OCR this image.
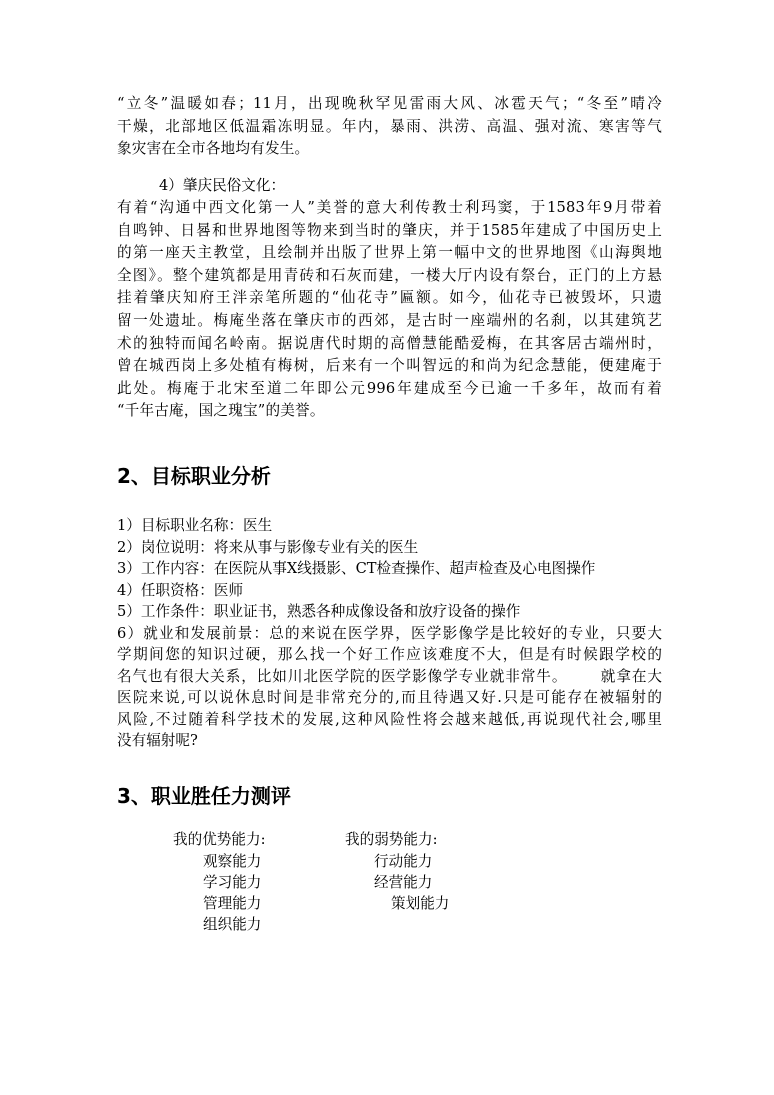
“立冬”温暖如春；11月，出现晚秋罕见雷雨大风、冰雹天气；“冬至”晴冷
干燥，北部地区低温霜冻明显。年内，暴雨、洪涝、高温、强对流、寒害等气
象灾害在全市各地均有发生。
4）肇庆民俗文化：
有着“沟通中西文化第一人”美誉的意大利传教士利玛窦，于1583年9月带着
自鸣钟、日晷和世界地图等物来到当时的肇庆，并于1585年建成了中国历史上
的第一座天主教堂，且绘制并出版了世界上第一幅中文的世界地图《山海舆地
全图》。整个建筑都是用青砖和石灰而建，一楼大厅内设有祭台，正门的上方悬
挂着肇庆知府王泮亲笔所题的“仙花寺”匾额。如今，仙花寺已被毁坏，只遗
留一处遗址。梅庵坐落在肇庆市的西郊，是古时一座端州的名刹，以其建筑艺
术的独特而闻名岭南。据说唐代时期的高僧慧能酷爱梅，在其客居古端州时，
曾在城西岗上多处植有梅树，后来有一个叫智远的和尚为纪念慧能，便建庵于
此处。梅庵于北宋至道二年即公元996年建成至今已逾一千多年，故而有着
“千年古庵，国之瑰宝”的美誉。
2、目标职业分析
1）目标职业名称：医生
2）岗位说明：将来从事与影像专业有关的医生
3）工作内容：在医院从事X线摄影、CT检查操作、超声检查及心电图操作
4）任职资格：医师
5）工作条件：职业证书，熟悉各种成像设备和放疗设备的操作
6）就业和发展前景：总的来说在医学界，医学影像学是比较好的专业，只要大
学期间您的知识过硬，那么找一个好工作应该难度不大，但是有时候跟学校的
名气也有很大关系，比如川北医学院的医学影像学专业就非常牛。      就拿在大
医院来说,可以说休息时间是非常充分的,而且待遇又好.只是可能存在被辐射的
风险,不过随着科学技术的发展,这种风险性将会越来越低,再说现代社会,哪里
没有辐射呢?
3、职业胜任力测评
我的优势能力:
观察能力
学习能力
管理能力
组织能力
我的弱势能力:
行动能力
经营能力
策划能力
